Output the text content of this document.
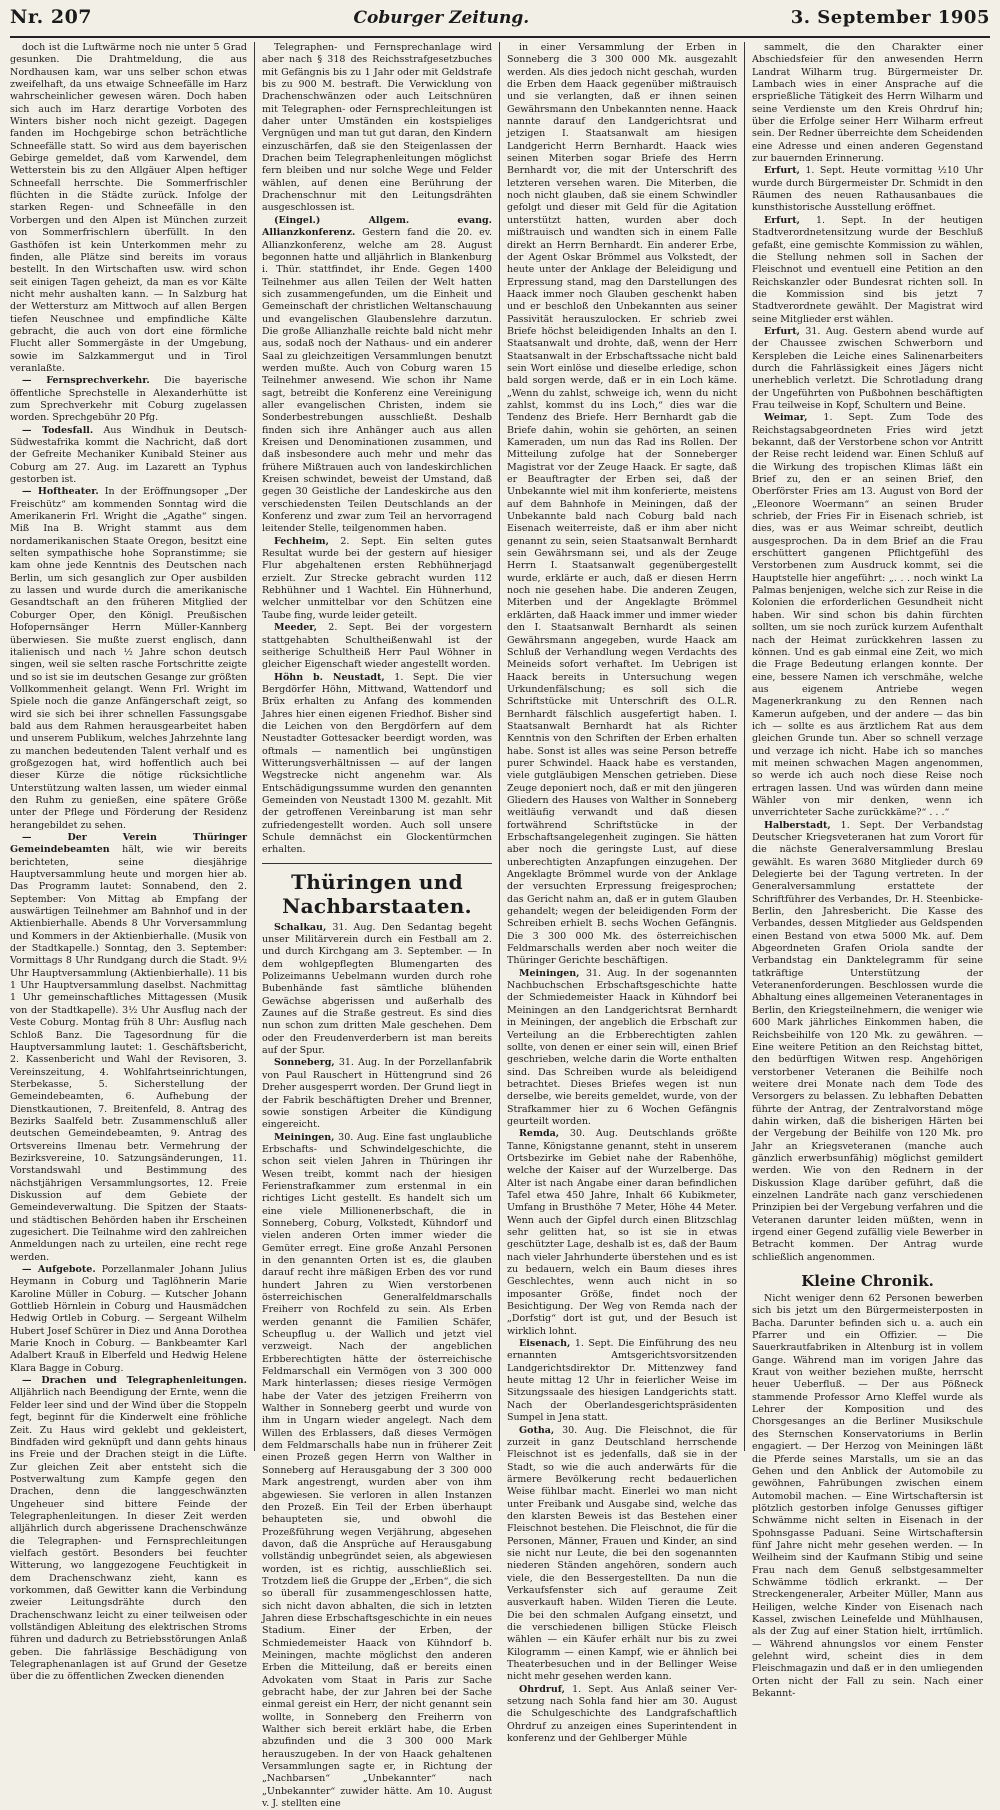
Nr. 207	Coburger Zeitung.	3. September 1905

doch ist die Luftwärme noch nie unter 5 Grad gesunken. Die Drahtmeldung, die aus Nordhausen kam, war uns selber schon etwas zweifelhaft, da uns etwaige Schneefälle im Harz wahrscheinlicher gewesen wären. Doch haben sich auch im Harz derartige Vorboten des Winters bisher noch nicht gezeigt. Dagegen fanden im Hochgebirge schon beträchtliche Schneefälle statt. So wird aus dem bayerischen Gebirge gemeldet, daß vom Karwendel, dem Wetterstein bis zu den Allgäuer Alpen heftiger Schneefall herrschte. Die Sommerfrischler flüchten in die Städte zurück. Infolge der starken Regen- und Schneefälle in den Vorbergen und den Alpen ist München zurzeit von Sommerfrischlern überfüllt. In den Gasthöfen ist kein Unterkommen mehr zu finden, alle Plätze sind bereits im voraus bestellt. In den Wirtschaften usw. wird schon seit einigen Tagen geheizt, da man es vor Kälte nicht mehr aushalten kann. — In Salzburg hat der Wettersturz am Mittwoch auf allen Bergen tiefen Neuschnee und empfindliche Kälte gebracht, die auch von dort eine förmliche Flucht aller Sommergäste in der Umgebung, sowie im Salzkammergut und in Tirol veranlaßte.

— Fernsprechverkehr. Die bayerische öffentliche Sprechstelle in Alexanderhütte ist zum Sprechverkehr mit Coburg zugelassen worden. Sprechgebühr 20 Pfg.

— Todesfall. Aus Windhuk in Deutsch-Südwestafrika kommt die Nachricht, daß dort der Gefreite Mechaniker Kunibald Steiner aus Coburg am 27. Aug. im Lazarett an Typhus gestorben ist.

— Hoftheater. In der Eröffnungsoper „Der Freischütz“ am kommenden Sonntag wird die Amerikanerin Frl. Wright die „Agathe“ singen. Miß Ina B. Wright stammt aus dem nordamerikanischen Staate Oregon, besitzt eine selten sympathische hohe Sopranstimme; sie kam ohne jede Kenntnis des Deutschen nach Berlin, um sich gesanglich zur Oper ausbilden zu lassen und wurde durch die amerikanische Gesandtschaft an den früheren Mitglied der Coburger Oper, den Königl. Preußischen Hofopernsänger Herrn Müller-Kannberg überwiesen. Sie mußte zuerst englisch, dann italienisch und nach ½ Jahre schon deutsch singen, weil sie selten rasche Fortschritte zeigte und so ist sie im deutschen Gesange zur größten Vollkommenheit gelangt. Wenn Frl. Wright im Spiele noch die ganze Anfängerschaft zeigt, so wird sie sich bei ihrer schnellen Fassungsgabe bald aus dem Rahmen herausgearbeitet haben und unserem Publikum, welches Jahrzehnte lang zu manchen bedeutenden Talent verhalf und es großgezogen hat, wird hoffentlich auch bei dieser Kürze die nötige rücksichtliche Unterstützung walten lassen, um wieder einmal den Ruhm zu genießen, eine spätere Größe unter der Pflege und Förderung der Residenz herangebildet zu sehen.

— Der Verein Thüringer Gemeindebeamten hält, wie wir bereits berichteten, seine diesjährige Hauptversammlung heute und morgen hier ab. Das Programm lautet: Sonnabend, den 2. September: Von Mittag ab Empfang der auswärtigen Teilnehmer am Bahnhof und in der Aktienbierhalle. Abends 8 Uhr Vorversammlung und Kommers in der Aktienbierhalle. (Musik von der Stadtkapelle.) Sonntag, den 3. September: Vormittags 8 Uhr Rundgang durch die Stadt. 9½ Uhr Hauptversammlung (Aktienbierhalle). 11 bis 1 Uhr Hauptversammlung daselbst. Nachmittag 1 Uhr gemeinschaftliches Mittagessen (Musik von der Stadtkapelle). 3½ Uhr Ausflug nach der Veste Coburg. Montag früh 8 Uhr: Ausflug nach Schloß Banz. Die Tagesordnung für die Hauptversammlung lautet: 1. Geschäftsbericht, 2. Kassenbericht und Wahl der Revisoren, 3. Vereinszeitung, 4. Wohlfahrtseinrichtungen, Sterbekasse, 5. Sicherstellung der Gemeindebeamten, 6. Aufhebung der Dienstkautionen, 7. Breitenfeld, 8. Antrag des Bezirks Saalfeld betr. Zusammenschluß aller deutschen Gemeindebeamten, 9. Antrag des Ortsvereins Ilmenau betr. Vermehrung der Bezirksvereine, 10. Satzungsänderungen, 11. Vorstandswahl und Bestimmung des nächstjährigen Versammlungsortes, 12. Freie Diskussion auf dem Gebiete der Gemeindeverwaltung. Die Spitzen der Staats- und städtischen Behörden haben ihr Erscheinen zugesichert. Die Teilnahme wird den zahlreichen Anmeldungen nach zu urteilen, eine recht rege werden.

— Aufgebote. Porzellanmaler Johann Julius Heymann in Coburg und Taglöhnerin Marie Karoline Müller in Coburg. — Kutscher Johann Gottlieb Hörnlein in Coburg und Hausmädchen Hedwig Ortleb in Coburg. — Sergeant Wilhelm Hubert Josef Schürer in Diez und Anna Dorothea Marie Knoch in Coburg. — Bankbeamter Karl Adalbert Krauß in Elberfeld und Hedwig Helene Klara Bagge in Coburg.

— Drachen und Telegraphenleitungen. Alljährlich nach Beendigung der Ernte, wenn die Felder leer sind und der Wind über die Stoppeln fegt, beginnt für die Kinderwelt eine fröhliche Zeit. Zu Haus wird geklebt und gekleistert, Bindfaden wird geknüpft und dann gehts hinaus ins Freie und der Drachen steigt in die Lüfte. Zur gleichen Zeit aber entsteht sich die Postverwaltung zum Kampfe gegen den Drachen, denn die langgeschwänzten Ungeheuer sind bittere Feinde der Telegraphenleitungen. In dieser Zeit werden alljährlich durch abgerissene Drachenschwänze die Telegraphen- und Fernsprechleitungen vielfach gestört. Besonders bei feuchter Witterung, wo langgezogene Feuchtigkeit in dem Drachenschwanz zieht, kann es vorkommen, daß Gewitter kann die Verbindung zweier Leitungsdrähte durch den Drachenschwanz leicht zu einer teilweisen oder vollständigen Ableitung des elektrischen Stroms führen und dadurch zu Betriebsstörungen Anlaß geben. Die fahrlässige Beschädigung von Telegraphenanlagen ist auf Grund der Gesetze über die zu öffentlichen Zwecken dienenden

Telegraphen- und Fernsprechanlage wird aber nach § 318 des Reichsstrafgesetzbuches mit Gefängnis bis zu 1 Jahr oder mit Geldstrafe bis zu 900 M. bestraft. Die Verwicklung von Drachenschwänzen oder auch Leitschnüren mit Telegraphen- oder Fernsprechleitungen ist daher unter Umständen ein kostspieliges Vergnügen und man tut gut daran, den Kindern einzuschärfen, daß sie den Steigenlassen der Drachen beim Telegraphenleitungen möglichst fern bleiben und nur solche Wege und Felder wählen, auf denen eine Berührung der Drachenschnur mit den Leitungsdrähten ausgeschlossen ist.

(Eingel.) Allgem. evang. Allianzkonferenz. Gestern fand die 20. ev. Allianzkonferenz, welche am 28. August begonnen hatte und alljährlich in Blankenburg i. Thür. stattfindet, ihr Ende. Gegen 1400 Teilnehmer aus allen Teilen der Welt hatten sich zusammengefunden, um die Einheit und Gemeinschaft der christlichen Weltanschauung und evangelischen Glaubenslehre darzutun. Die große Allianzhalle reichte bald nicht mehr aus, sodaß noch der Nathaus- und ein anderer Saal zu gleichzeitigen Versammlungen benutzt werden mußte. Auch von Coburg waren 15 Teilnehmer anwesend. Wie schon ihr Name sagt, betreibt die Konferenz eine Vereinigung aller evangelischen Christen, indem sie Sonderbestrebungen ausschließt. Deshalb finden sich ihre Anhänger auch aus allen Kreisen und Denominationen zusammen, und daß insbesondere auch mehr und mehr das frühere Mißtrauen auch von landeskirchlichen Kreisen schwindet, beweist der Umstand, daß gegen 30 Geistliche der Landeskirche aus den verschiedensten Teilen Deutschlands an der Konferenz und zwar zum Teil an hervorragend leitender Stelle, teilgenommen haben.

Fechheim, 2. Sept. Ein selten gutes Resultat wurde bei der gestern auf hiesiger Flur abgehaltenen ersten Rebhühnerjagd erzielt. Zur Strecke gebracht wurden 112 Rebhühner und 1 Wachtel. Ein Hühnerhund, welcher unmittelbar vor den Schützen eine Taube fing, wurde leider geteilt.

Meeder, 2. Sept. Bei der vorgestern stattgehabten Schultheißenwahl ist der seitherige Schultheiß Herr Paul Wöhner in gleicher Eigenschaft wieder angestellt worden.

Höhn b. Neustadt, 1. Sept. Die vier Bergdörfer Höhn, Mittwand, Wattendorf und Brüx erhalten zu Anfang des kommenden Jahres hier einen eigenen Friedhof. Bisher sind die Leichen von den Bergdörfern auf dem Neustadter Gottesacker beerdigt worden, was oftmals — namentlich bei ungünstigen Witterungsverhältnissen — auf der langen Wegstrecke nicht angenehm war. Als Entschädigungssumme wurden den genannten Gemeinden von Neustadt 1300 M. gezahlt. Mit der getroffenen Vereinbarung ist man sehr zufriedengestellt worden. Auch soll unsere Schule demnächst ein Glockentürmchen erhalten.

Thüringen und Nachbarstaaten.

Schalkau, 31. Aug. Den Sedantag begeht unser Militärverein durch ein Festball am 2. und durch Kirchgang am 3. September. — In dem wohlgepflegten Blumengarten des Polizeimanns Uebelmann wurden durch rohe Bubenhände fast sämtliche blühenden Gewächse abgerissen und außerhalb des Zaunes auf die Straße gestreut. Es sind dies nun schon zum dritten Male geschehen. Dem oder den Freudenverderbern ist man bereits auf der Spur.

Sonneberg, 31. Aug. In der Porzellanfabrik von Paul Rauschert in Hüttengrund sind 26 Dreher ausgesperrt worden. Der Grund liegt in der Fabrik beschäftigten Dreher und Brenner, sowie sonstigen Arbeiter die Kündigung eingereicht.

Meiningen, 30. Aug. Eine fast unglaubliche Erbschafts- und Schwindelgeschichte, die schon seit vielen Jahren in Thüringen ihr Wesen treibt, kommt nach der hiesigen Ferienstrafkammer zum erstenmal in ein richtiges Licht gestellt. Es handelt sich um eine viele Millionenerbschaft, die in Sonneberg, Coburg, Volkstedt, Kühndorf und vielen anderen Orten immer wieder die Gemüter erregt. Eine große Anzahl Personen in den genannten Orten ist es, die glauben darauf recht ihre mäßigen Erben des vor rund hundert Jahren zu Wien verstorbenen österreichischen Generalfeldmarschalls Freiherr von Rochfeld zu sein. Als Erben werden genannt die Familien Schäfer, Scheupflug u. der Wallich und jetzt viel verzweigt. Nach der angeblichen Erbberechtigten hätte der österreichische Feldmarschall ein Vermögen von 3 300 000 Mark hinterlassen; dieses riesige Vermögen habe der Vater des jetzigen Freiherrn von Walther in Sonneberg geerbt und wurde von ihm in Ungarn wieder angelegt. Nach dem Willen des Erblassers, daß dieses Vermögen dem Feldmarschalls habe nun in früherer Zeit einen Prozeß gegen Herrn von Walther in Sonneberg auf Herausgabung der 3 300 000 Mark angestrengt, wurden aber von ihm abgewiesen. Sie verloren in allen Instanzen den Prozeß. Ein Teil der Erben überhaupt behaupteten sie, und obwohl die Prozeßführung wegen Verjährung, abgesehen davon, daß die Ansprüche auf Herausgabung vollständig unbegründet seien, als abgewiesen worden, ist es richtig, ausschließlich sei. Trotzdem ließ die Gruppe der „Erben“, die sich so überall für zusammengeschlossen hatte, sich nicht davon abhalten, die sich in letzten Jahren diese Erbschaftsgeschichte in ein neues Stadium. Einer der Erben, der Schmiedemeister Haack von Kühndorf b. Meiningen, machte möglichst den anderen Erben die Mitteilung, daß er bereits einen Advokaten vom Staat in Paris zur Sache gebracht habe, der zur Jahren bei der Sache einmal gereist ein Herr, der nicht genannt sein wollte, in Sonneberg den Freiherrn von Walther sich bereit erklärt habe, die Erben abzufinden und die 3 300 000 Mark herauszugeben. In der von Haack gehaltenen Versammlungen sagte er, in Richtung der „Nachbarsen“ „Unbekannter“ nach „Unbekannter“ zuwider hätte. Am 10. August v. J. stellten eine

in einer Versammlung der Erben in Sonneberg die 3 300 000 Mk. ausgezahlt werden. Als dies jedoch nicht geschah, wurden die Erben dem Haack gegenüber mißtrauisch und sie verlangten, daß er ihnen seinen Gewährsmann den Unbekannten nenne. Haack nannte darauf den Landgerichtsrat und jetzigen I. Staatsanwalt am hiesigen Landgericht Herrn Bernhardt. Haack wies seinen Miterben sogar Briefe des Herrn Bernhardt vor, die mit der Unterschrift des letzteren versehen waren. Die Miterben, die noch nicht glauben, daß sie einem Schwindler gefolgt und dieser mit Geld für die Agitation unterstützt hatten, wurden aber doch mißtrauisch und wandten sich in einem Falle direkt an Herrn Bernhardt. Ein anderer Erbe, der Agent Oskar Brömmel aus Volkstedt, der heute unter der Anklage der Beleidigung und Erpressung stand, mag den Darstellungen des Haack immer noch Glauben geschenkt haben und er beschloß den Unbekannten aus seiner Passivität herauszulocken. Er schrieb zwei Briefe höchst beleidigenden Inhalts an den I. Staatsanwalt und drohte, daß, wenn der Herr Staatsanwalt in der Erbschaftssache nicht bald sein Wort einlöse und dieselbe erledige, schon bald sorgen werde, daß er in ein Loch käme. „Wenn du zahlst, schweige ich, wenn du nicht zahlst, kommst du ins Loch,“ dies war die Tendenz des Briefe. Herr Bernhardt gab die Briefe dahin, wohin sie gehörten, an seinen Kameraden, um nun das Rad ins Rollen. Der Mitteilung zufolge hat der Sonneberger Magistrat vor der Zeuge Haack. Er sagte, daß er Beauftragter der Erben sei, daß der Unbekannte wiel mit ihm konferierte, meistens auf dem Bahnhofe in Meiningen, daß der Unbekannte bald nach Coburg bald nach Eisenach weiterreiste, daß er ihm aber nicht genannt zu sein, seien Staatsanwalt Bernhardt sein Gewährsmann sei, und als der Zeuge Herrn I. Staatsanwalt gegenübergestellt wurde, erklärte er auch, daß er diesen Herrn noch nie gesehen habe. Die anderen Zeugen, Miterben und der Angeklagte Brömmel erklärten, daß Haack immer und immer wieder den I. Staatsanwalt Bernhardt als seinen Gewährsmann angegeben, wurde Haack am Schluß der Verhandlung wegen Verdachts des Meineids sofort verhaftet. Im Uebrigen ist Haack bereits in Untersuchung wegen Urkundenfälschung; es soll sich die Schriftstücke mit Unterschrift des O.L.R. Bernhardt fälschlich ausgefertigt haben. I. Staatsanwalt Bernhardt hat als Richter Kenntnis von den Schriften der Erben erhalten habe. Sonst ist alles was seine Person betreffe purer Schwindel. Haack habe es verstanden, viele gutgläubigen Menschen getrieben. Diese Zeuge deponiert noch, daß er mit den jüngeren Gliedern des Hauses von Walther in Sonneberg weitläufig verwandt und daß diesen fortwährend Schriftstücke in der Erbschaftsangelegenheit zugingen. Sie hätten aber noch die geringste Lust, auf diese unberechtigten Anzapfungen einzugehen. Der Angeklagte Brömmel wurde von der Anklage der versuchten Erpressung freigesprochen; das Gericht nahm an, daß er in gutem Glauben gehandelt; wegen der beleidigenden Form der Schreiben erhielt B. sechs Wochen Gefängnis. Die 3 300 000 Mk. des österreichischen Feldmarschalls werden aber noch weiter die Thüringer Gerichte beschäftigen.

Meiningen, 31. Aug. In der sogenannten Nachbuchschen Erbschaftsgeschichte hatte der Schmiedemeister Haack in Kühndorf bei Meiningen an den Landgerichtsrat Bernhardt in Meiningen, der angeblich die Erbschaft zur Verteilung an die Erbberechtigten zahlen sollte, von denen er einer sein will, einen Brief geschrieben, welche darin die Worte enthalten sind. Das Schreiben wurde als beleidigend betrachtet. Dieses Briefes wegen ist nun derselbe, wie bereits gemeldet, wurde, von der Strafkammer hier zu 6 Wochen Gefängnis geurteilt worden.

Remda, 30. Aug. Deutschlands größte Tanne, Königstanne genannt, steht in unserem Ortsbezirke im Gebiet nahe der Rabenhöhe, welche der Kaiser auf der Wurzelberge. Das Alter ist nach Angabe einer daran befindlichen Tafel etwa 450 Jahre, Inhalt 66 Kubikmeter, Umfang in Brusthöhe 7 Meter, Höhe 44 Meter. Wenn auch der Gipfel durch einen Blitzschlag sehr gelitten hat, so ist sie in etwas geschützter Lage, deshalb ist es, daß der Baum nach vieler Jahrhunderte überstehen und es ist zu bedauern, welch ein Baum dieses ihres Geschlechtes, wenn auch nicht in so imposanter Größe, findet noch der Besichtigung. Der Weg von Remda nach der „Dorfstig“ dort ist gut, und der Besuch ist wirklich lohnt.

Eisenach, 1. Sept. Die Einführung des neu ernannten Amtsgerichtsvorsitzenden Landgerichtsdirektor Dr. Mittenzwey fand heute mittag 12 Uhr in feierlicher Weise im Sitzungssaale des hiesigen Landgerichts statt. Nach der Oberlandesgerichtspräsidenten Sumpel in Jena statt.

Gotha, 30. Aug. Die Fleischnot, die für zurzeit in ganz Deutschland herrschende Fleischnot ist es jedenfalls, daß sie in der Stadt, so wie die auch anderwärts für die ärmere Bevölkerung recht bedauerlichen Weise fühlbar macht. Einerlei wo man nicht unter Freibank und Ausgabe sind, welche das den klarsten Beweis ist das Bestehen einer Fleischnot bestehen. Die Fleischnot, die für die Personen, Männer, Frauen und Kinder, an sind sie nicht nur Leute, die bei den sogenannten niederen Ständen angehören, sondern auch viele, die den Bessergestellten. Da nun die Verkaufsfenster sich auf geraume Zeit ausverkauft haben. Wilden Tieren die Leute. Die bei den schmalen Aufgang einsetzt, und die verschiedenen billigen Stücke Fleisch wählen — ein Käufer erhält nur bis zu zwei Kilogramm — einen Kampf, wie er ähnlich bei Theaterbesuchen und in der Bellinger Weise nicht mehr gesehen werden kann.

Ohrdruf, 1. Sept. Aus Anlaß seiner Ver- setzung nach Sohla fand hier am 30. August die Schulgeschichte des Landgrafschaftlich Ohrdruf zu anzeigen eines Superintendent in konferenz und der Gehlberger Mühle

sammelt, die den Charakter einer Abschiedsfeier für den anwesenden Herrn Landrat Wilharm trug. Bürgermeister Dr. Lambach wies in einer Ansprache auf die ersprießliche Tätigkeit des Herrn Wilharm und seine Verdienste um den Kreis Ohrdruf hin; über die Erfolge seiner Herr Wilharm erfreut sein. Der Redner überreichte dem Scheidenden eine Adresse und einen anderen Gegenstand zur bauernden Erinnerung.

Erfurt, 1. Sept. Heute vormittag ½10 Uhr wurde durch Bürgermeister Dr. Schmidt in den Räumen des neuen Rathausanbaues die kunsthistorische Ausstellung eröffnet.

Erfurt, 1. Sept. In der heutigen Stadtverordnetensitzung wurde der Beschluß gefaßt, eine gemischte Kommission zu wählen, die Stellung nehmen soll in Sachen der Fleischnot und eventuell eine Petition an den Reichskanzler oder Bundesrat richten soll. In die Kommission sind bis jetzt 7 Stadtverordnete gewählt. Der Magistrat wird seine Mitglieder erst wählen.

Erfurt, 31. Aug. Gestern abend wurde auf der Chaussee zwischen Schwerborn und Kerspleben die Leiche eines Salinenarbeiters durch die Fahrlässigkeit eines Jägers nicht unerheblich verletzt. Die Schrotladung drang der Ungeführten von Pußbohnen beschäftigten Frau teilweise in Kopf, Schultern und Beine.

Weimar, 1. Sept. Zum Tode des Reichstagsabgeordneten Fries wird jetzt bekannt, daß der Verstorbene schon vor Antritt der Reise recht leidend war. Einen Schluß auf die Wirkung des tropischen Klimas läßt ein Brief zu, den er an seinen Brief, den Oberförster Fries am 13. August von Bord der „Eleonore Woermann“ an seinen Bruder schrieb, der Fries Fir in Eisenach schrieb, ist dies, was er aus Weimar schreibt, deutlich ausgesprochen. Da in dem Brief an die Frau erschüttert gangenen Pflichtgefühl des Verstorbenen zum Ausdruck kommt, sei die Hauptstelle hier angeführt: „. . . noch winkt La Palmas benjenigen, welche sich zur Reise in die Kolonien die erforderlichen Gesundheit nicht haben. Wir sind schon bis dahin fürchten sollten, um sie noch zurück kurzem Aufenthalt nach der Heimat zurückkehren lassen zu können. Und es gab einmal eine Zeit, wo mich die Frage Bedeutung erlangen konnte. Der eine, bessere Namen ich verschmähe, welche aus eigenem Antriebe wegen Magenerkrankung zu den Rennen nach Kamerun aufgeben, und der andere — das bin ich — sollte es aus ärztlichem Rat aus dem gleichen Grunde tun. Aber so schnell verzage und verzage ich nicht. Habe ich so manches mit meinen schwachen Magen angenommen, so werde ich auch noch diese Reise noch ertragen lassen. Und was würden dann meine Wähler von mir denken, wenn ich unverrichteter Sache zurückkäme?“ . . .“

Halberstadt, 1. Sept. Der Verbandstag Deutscher Kriegsveteranen hat zum Vorort für die nächste Generalversammlung Breslau gewählt. Es waren 3680 Mitglieder durch 69 Delegierte bei der Tagung vertreten. In der Generalversammlung erstattete der Schriftführer des Verbandes, Dr. H. Steenbicke-Berlin, den Jahresbericht. Die Kasse des Verbandes, dessen Mitglieder aus Geldspenden einen Bestand von etwa 5000 Mk. auf. Dem Abgeordneten Grafen Oriola sandte der Verbandstag ein Danktelegramm für seine tatkräftige Unterstützung der Veteranenforderungen. Beschlossen wurde die Abhaltung eines allgemeinen Veteranentages in Berlin, den Kriegsteilnehmern, die weniger wie 600 Mark jährliches Einkommen haben, die Reichsbeihilfe von 120 Mk. zu gewähren. — Eine weitere Petition an den Reichstag bittet, den bedürftigen Witwen resp. Angehörigen verstorbener Veteranen die Beihilfe noch weitere drei Monate nach dem Tode des Versorgers zu belassen. Zu lebhaften Debatten führte der Antrag, der Zentralvorstand möge dahin wirken, daß die bisherigen Härten bei der Vergebung der Beihilfe von 120 Mk. pro Jahr an Kriegsveteranen (manche auch gänzlich erwerbsunfähig) möglichst gemildert werden. Wie von den Rednern in der Diskussion Klage darüber geführt, daß die einzelnen Landräte nach ganz verschiedenen Prinzipien bei der Vergebung verfahren und die Veteranen darunter leiden müßten, wenn in irgend einer Gegend zufällig viele Bewerber in Betracht kommen. Der Antrag wurde schließlich angenommen.

Kleine Chronik.

Nicht weniger denn 62 Personen bewerben sich bis jetzt um den Bürgermeisterposten in Bacha. Darunter befinden sich u. a. auch ein Pfarrer und ein Offizier. — Die Sauerkrautfabriken in Altenburg ist in vollem Gange. Während man im vorigen Jahre das Kraut von weither beziehen mußte, herrscht heuer Ueberfluß. — Der aus Pößneck stammende Professor Arno Kleffel wurde als Lehrer der Komposition und des Chorsgesanges an die Berliner Musikschule des Sternschen Konservatoriums in Berlin engagiert. — Der Herzog von Meiningen läßt die Pferde seines Marstalls, um sie an das Gehen und den Anblick der Automobile zu gewöhnen, Fahrübungen zwischen einem Automobil machen. — Eine Wirtschaftersin ist plötzlich gestorben infolge Genusses giftiger Schwämme nicht selten in Eisenach in der Spohnsgasse Paduani. Seine Wirtschaftersin fünf Jahre nicht mehr gesehen werden. — In Weilheim sind der Kaufmann Stibig und seine Frau nach dem Genuß selbstgesammelter Schwämme tödlich erkrankt. — Der Streckengeneraler, Arbeiter Müller, Mann aus Heiligen, welche Kinder von Eisenach nach Kassel, zwischen Leinefelde und Mühlhausen, als der Zug auf einer Station hielt, irrtümlich. — Während ahnungslos vor einem Fenster gelehnt wird, scheint dies in dem Fleischmagazin und daß er in den umliegenden Orten nicht der Fall zu sein. Nach einer Bekannt-
